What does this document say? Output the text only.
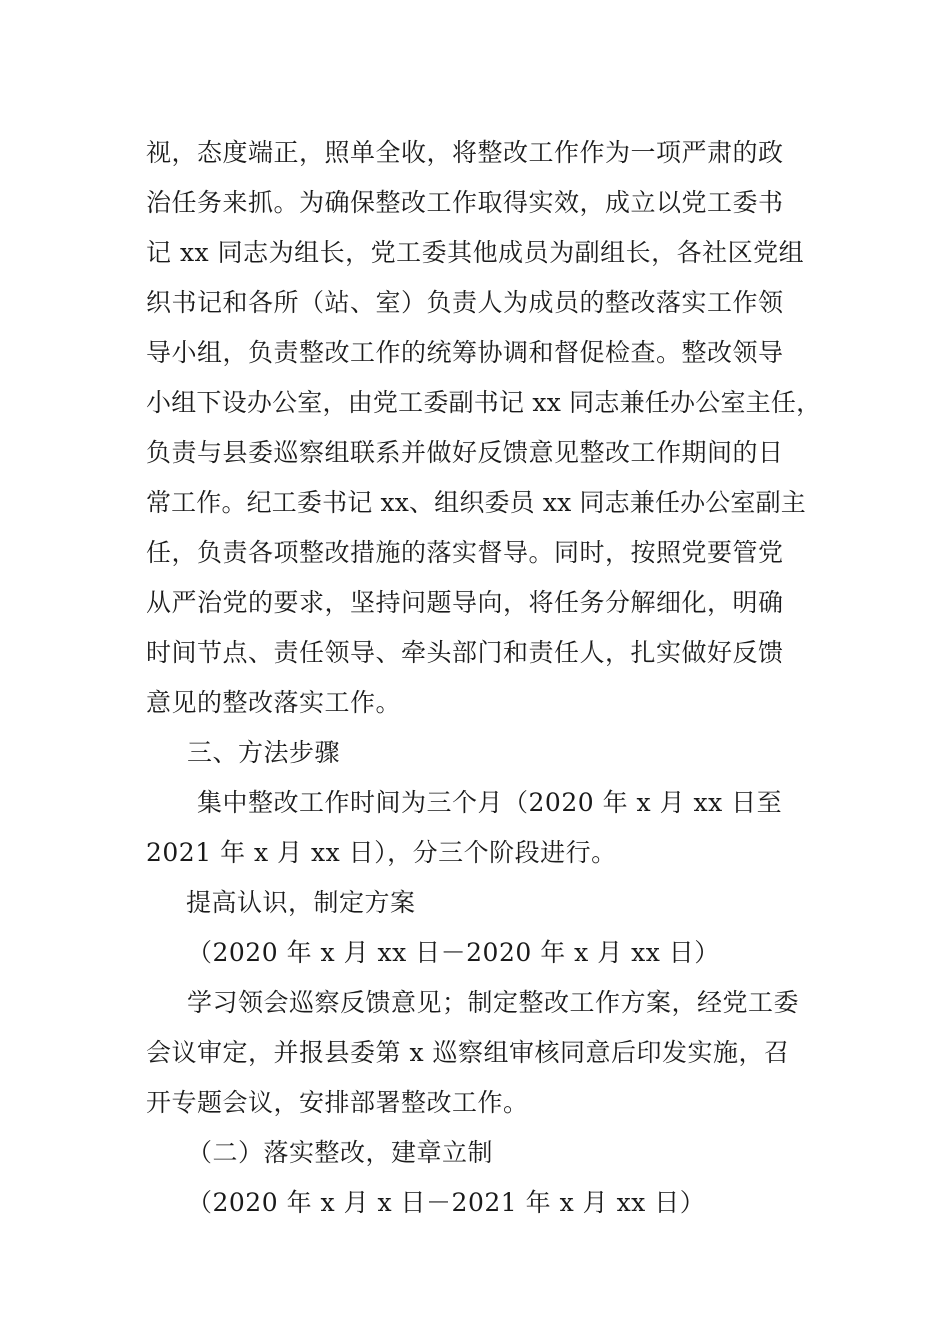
视，态度端正，照单全收，将整改工作作为一项严肃的政
治任务来抓。为确保整改工作取得实效，成立以党工委书
记 xx 同志为组长，党工委其他成员为副组长，各社区党组
织书记和各所（站、室）负责人为成员的整改落实工作领
导小组，负责整改工作的统筹协调和督促检查。整改领导
小组下设办公室，由党工委副书记 xx 同志兼任办公室主任，
负责与县委巡察组联系并做好反馈意见整改工作期间的日
常工作。纪工委书记 xx、组织委员 xx 同志兼任办公室副主
任，负责各项整改措施的落实督导。同时，按照党要管党
从严治党的要求，坚持问题导向，将任务分解细化，明确
时间节点、责任领导、牵头部门和责任人，扎实做好反馈
意见的整改落实工作。
三、方法步骤
集中整改工作时间为三个月（2020 年 x 月 xx 日至
2021 年 x 月 xx 日），分三个阶段进行。
提高认识，制定方案
（2020 年 x 月 xx 日－2020 年 x 月 xx 日）
学习领会巡察反馈意见；制定整改工作方案，经党工委
会议审定，并报县委第 x 巡察组审核同意后印发实施，召
开专题会议，安排部署整改工作。
（二）落实整改，建章立制
（2020 年 x 月 x 日－2021 年 x 月 xx 日）
